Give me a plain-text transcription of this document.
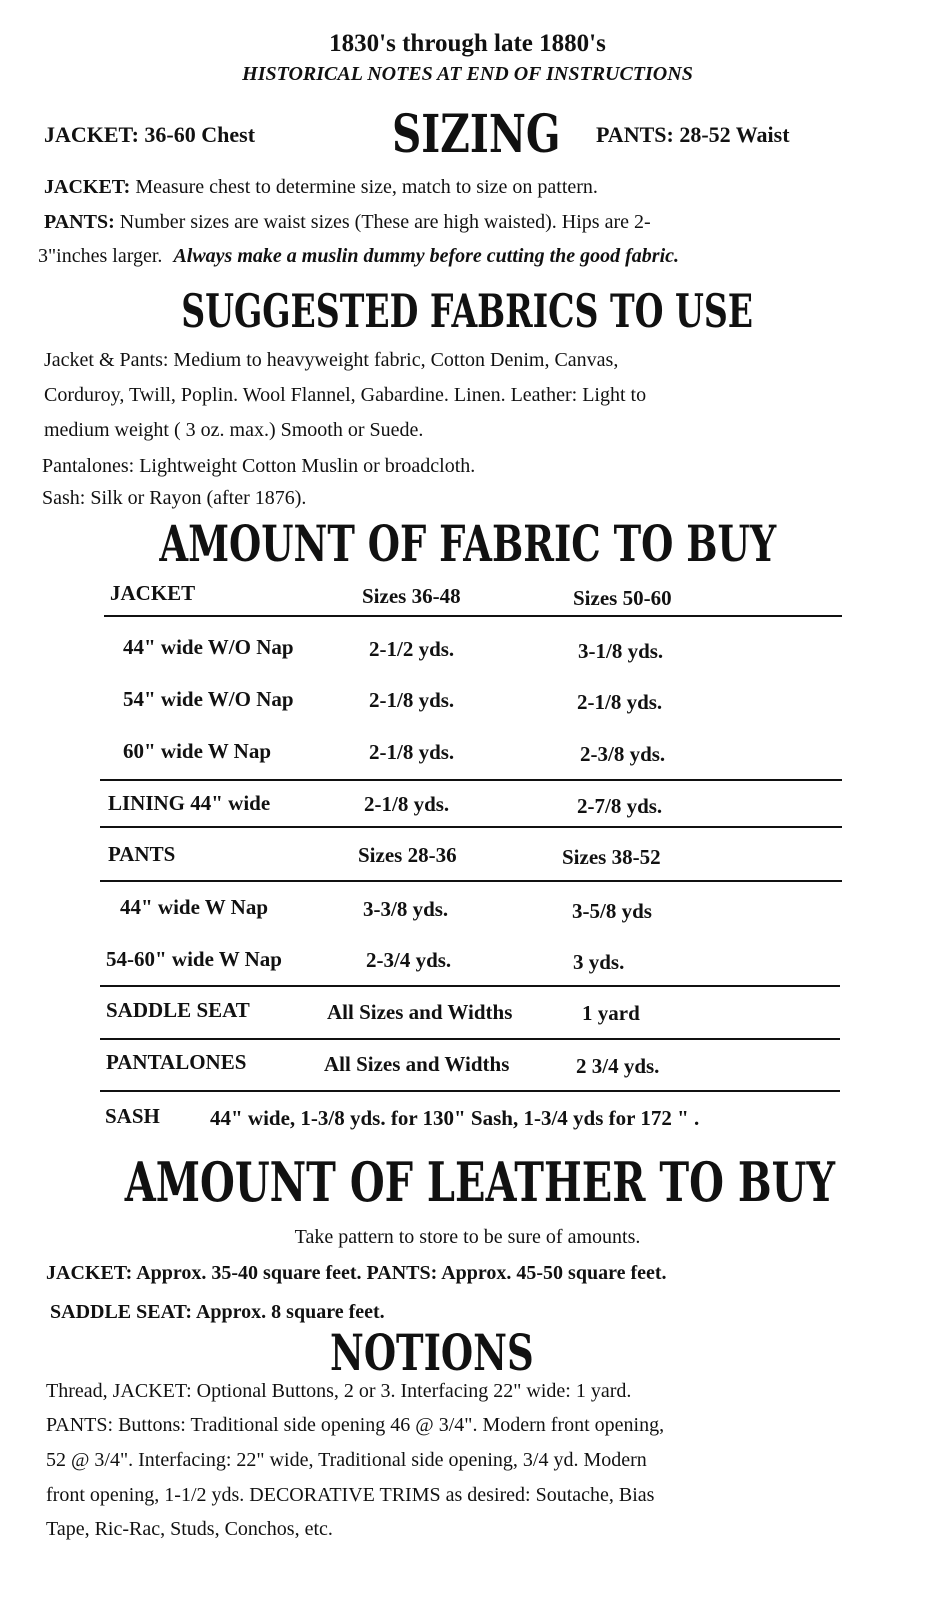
1830's through late 1880's
HISTORICAL NOTES AT END OF INSTRUCTIONS
JACKET: 36-60 Chest	SIZING PANTS: 28-52 Waist
JACKET: Measure chest to determine size, match to size on pattern.
PANTS: Number sizes are waist sizes (These are high waisted). Hips are 2-
3"inches larger. Always make a muslin dummy before cutting the good fabric.
SUGGESTED FABRICS TO USE
Jacket & Pants: Medium to heavyweight fabric, Cotton Denim, Canvas,
Corduroy, Twill, Poplin. Wool Flannel, Gabardine. Linen. Leather: Light to
medium weight ( 3 oz. max.) Smooth or Suede.
Pantalones: Lightweight Cotton Muslin or broadcloth.
Sash: Silk or Rayon (after 1876).
AMOUNT OF FABRIC TO BUY
JACKET	Sizes 36-48	Sizes 50-60
44" wide W/O Nap	2-1/2 yds.	3-1/8 yds.
54" wide W/O Nap	2-1/8 yds.	2-1/8 yds.
60" wide W Nap	2-1/8 yds.	2-3/8 yds.
LINING 44" wide	2-1/8 yds.	2-7/8 yds.
PANTS	Sizes 28-36	Sizes 38-52
44" wide W Nap	3-3/8 yds.	3-5/8 yds
54-60" wide W Nap	2-3/4 yds.	3 yds.
SADDLE SEAT	All Sizes and Widths	1 yard
PANTALONES	All Sizes and Widths	2 3/4 yds.
SASH 44" wide, 1-3/8 yds. for 130" Sash, 1-3/4 yds for 172 " .
AMOUNT OF LEATHER TO BUY
Take pattern to store to be sure of amounts.
JACKET: Approx. 35-40 square feet. PANTS: Approx. 45-50 square feet.
SADDLE SEAT: Approx. 8 square feet.
NOTIONS
Thread, JACKET: Optional Buttons, 2 or 3. Interfacing 22" wide: 1 yard.
PANTS: Buttons: Traditional side opening 46 @ 3/4". Modern front opening,
52 @ 3/4". Interfacing: 22" wide, Traditional side opening, 3/4 yd. Modern
front opening, 1-1/2 yds. DECORATIVE TRIMS as desired: Soutache, Bias
Tape, Ric-Rac, Studs, Conchos, etc.
